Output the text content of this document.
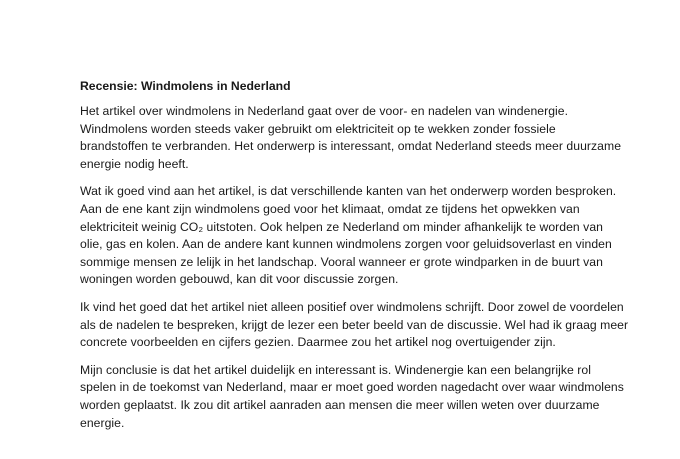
Recensie: Windmolens in Nederland
Het artikel over windmolens in Nederland gaat over de voor- en nadelen van windenergie.
Windmolens worden steeds vaker gebruikt om elektriciteit op te wekken zonder fossiele
brandstoffen te verbranden. Het onderwerp is interessant, omdat Nederland steeds meer duurzame
energie nodig heeft.
Wat ik goed vind aan het artikel, is dat verschillende kanten van het onderwerp worden besproken.
Aan de ene kant zijn windmolens goed voor het klimaat, omdat ze tijdens het opwekken van
elektriciteit weinig CO₂ uitstoten. Ook helpen ze Nederland om minder afhankelijk te worden van
olie, gas en kolen. Aan de andere kant kunnen windmolens zorgen voor geluidsoverlast en vinden
sommige mensen ze lelijk in het landschap. Vooral wanneer er grote windparken in de buurt van
woningen worden gebouwd, kan dit voor discussie zorgen.
Ik vind het goed dat het artikel niet alleen positief over windmolens schrijft. Door zowel de voordelen
als de nadelen te bespreken, krijgt de lezer een beter beeld van de discussie. Wel had ik graag meer
concrete voorbeelden en cijfers gezien. Daarmee zou het artikel nog overtuigender zijn.
Mijn conclusie is dat het artikel duidelijk en interessant is. Windenergie kan een belangrijke rol
spelen in de toekomst van Nederland, maar er moet goed worden nagedacht over waar windmolens
worden geplaatst. Ik zou dit artikel aanraden aan mensen die meer willen weten over duurzame
energie.
